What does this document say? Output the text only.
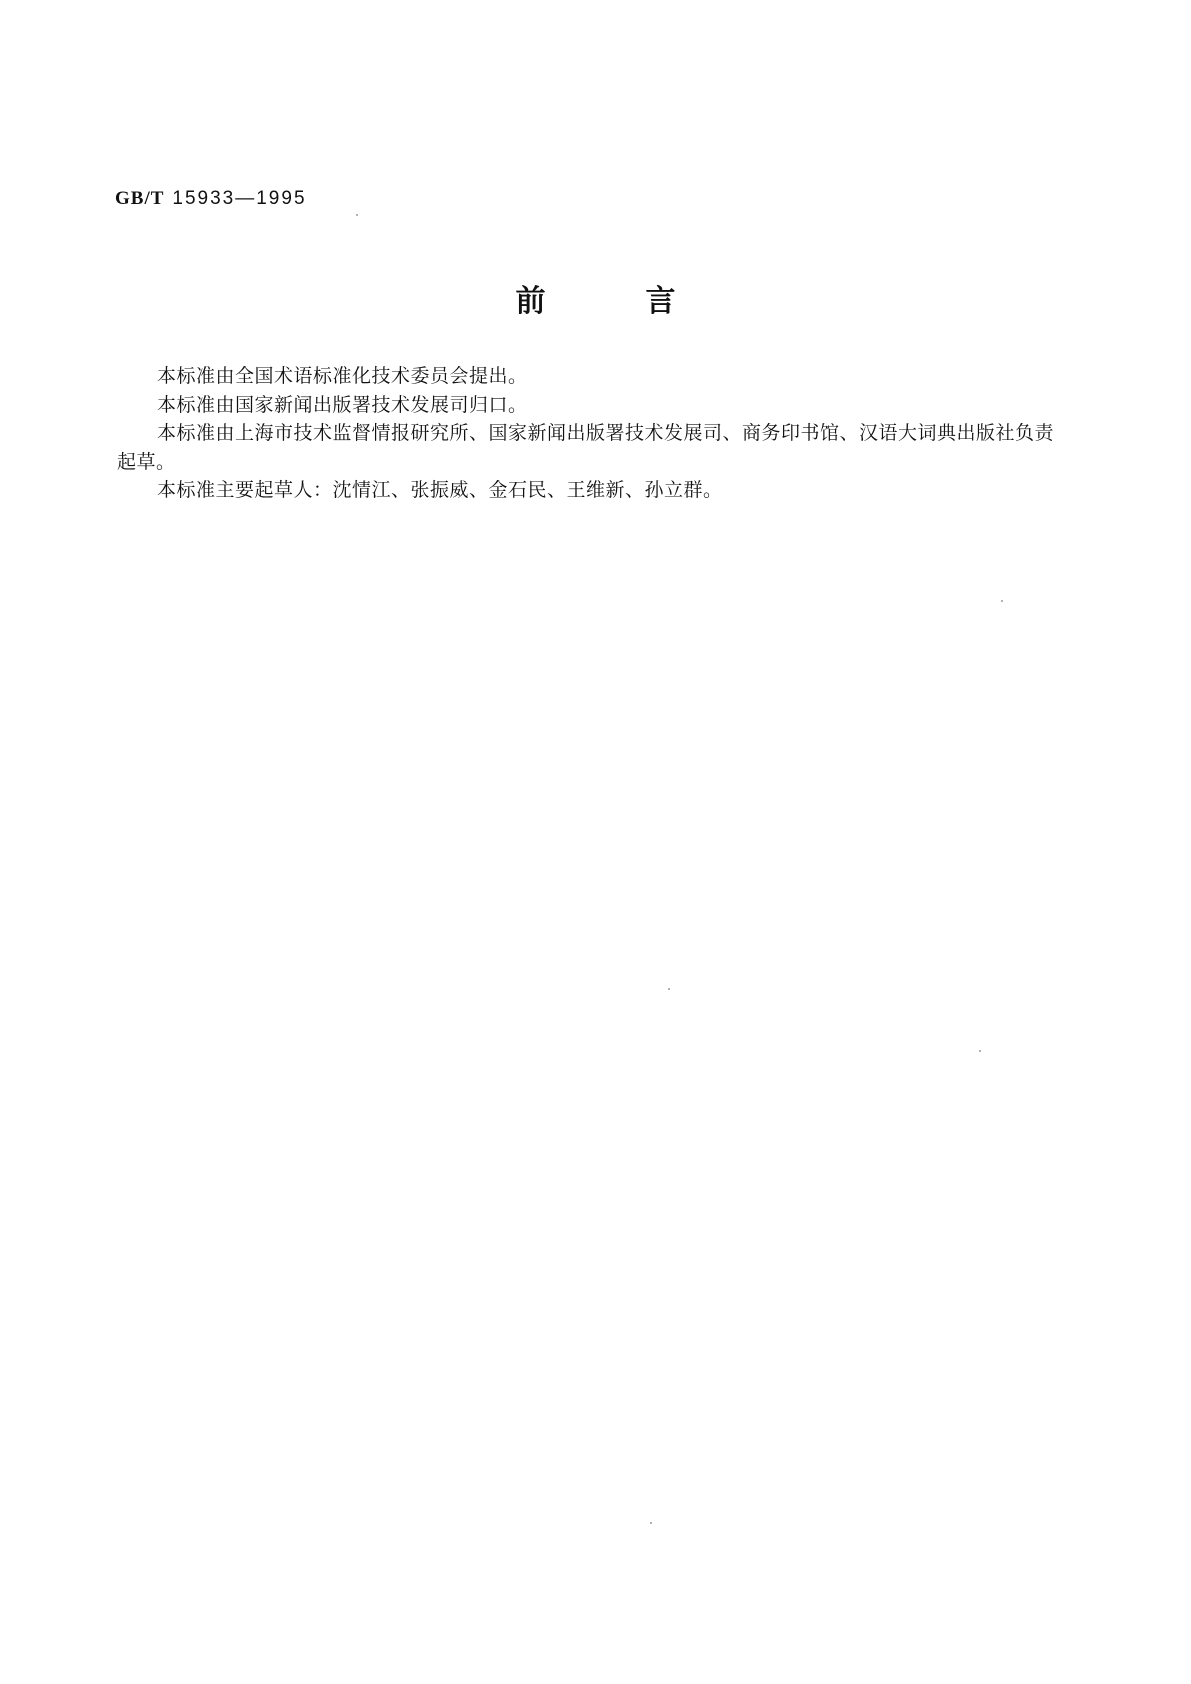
GB/T 15933—1995
前言

本标准由全国术语标准化技术委员会提出。

本标准由国家新闻出版署技术发展司归口。

本标准由上海市技术监督情报研究所、国家新闻出版署技术发展司、商务印书馆、汉语大词典出版社负责起草。

本标准主要起草人：沈情江、张振威、金石民、王维新、孙立群。
